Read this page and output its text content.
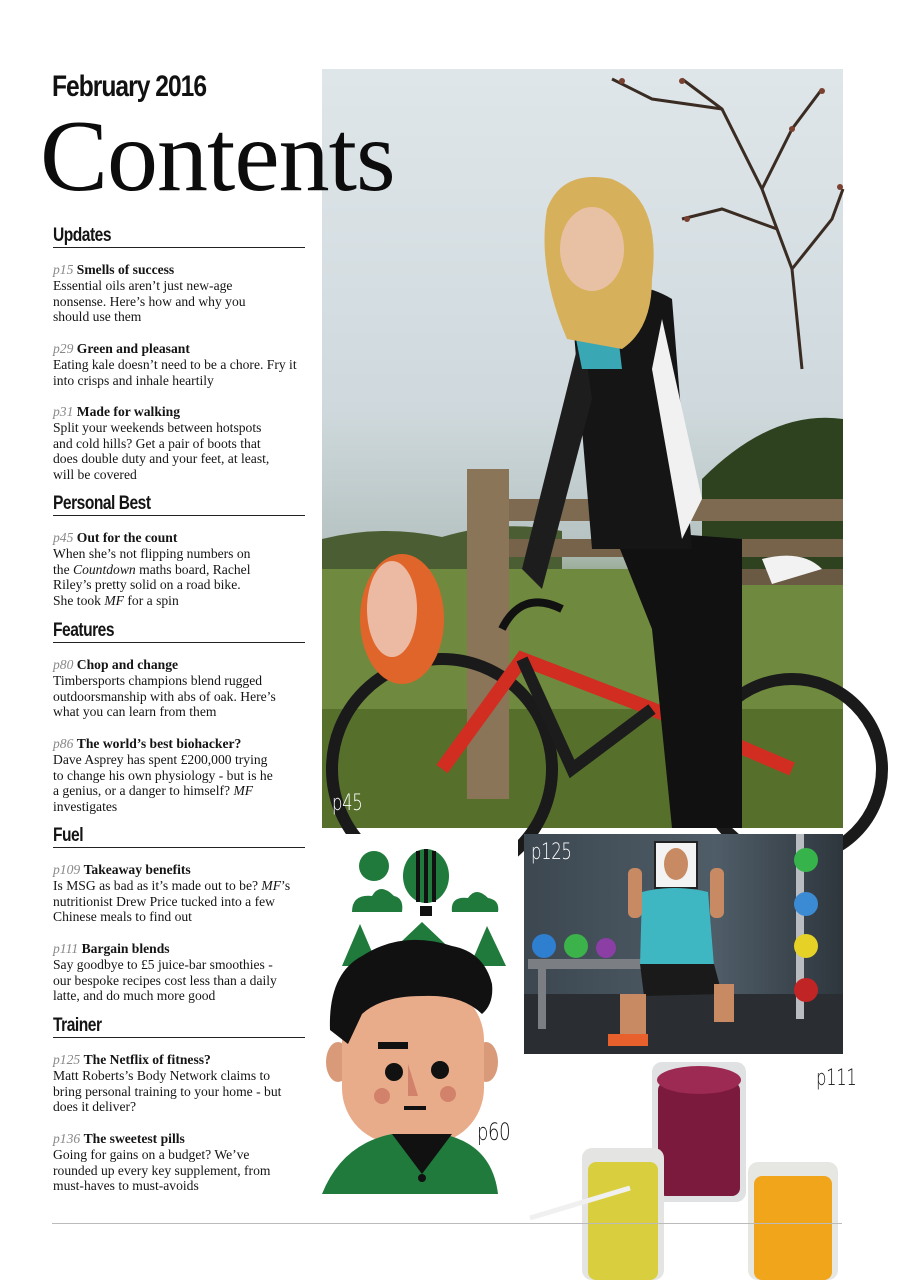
February 2016
p45
Contents
Updates
p15 Smells of success
Essential oils aren’t just new-age nonsense. Here’s how and why you should use them
p29 Green and pleasant
Eating kale doesn’t need to be a chore. Fry it into crisps and inhale heartily
p31 Made for walking
Split your weekends between hotspots and cold hills? Get a pair of boots that does double duty and your feet, at least, will be covered
Personal Best
p45 Out for the count
When she’s not flipping numbers on the Countdown maths board, Rachel Riley’s pretty solid on a road bike. She took MF for a spin
Features
p80 Chop and change
Timbersports champions blend rugged outdoorsmanship with abs of oak. Here’s what you can learn from them
p86 The world’s best biohacker?
Dave Asprey has spent £200,000 trying to change his own physiology - but is he a genius, or a danger to himself? MF investigates
Fuel
p109 Takeaway benefits
Is MSG as bad as it’s made out to be? MF’s nutritionist Drew Price tucked into a few Chinese meals to find out
p111 Bargain blends
Say goodbye to £5 juice-bar smoothies - our bespoke recipes cost less than a daily latte, and do much more good
Trainer
p125 The Netflix of fitness?
Matt Roberts’s Body Network claims to bring personal training to your home - but does it deliver?
p136 The sweetest pills
Going for gains on a budget? We’ve rounded up every key supplement, from must-haves to must-avoids
p60
p125
p111
